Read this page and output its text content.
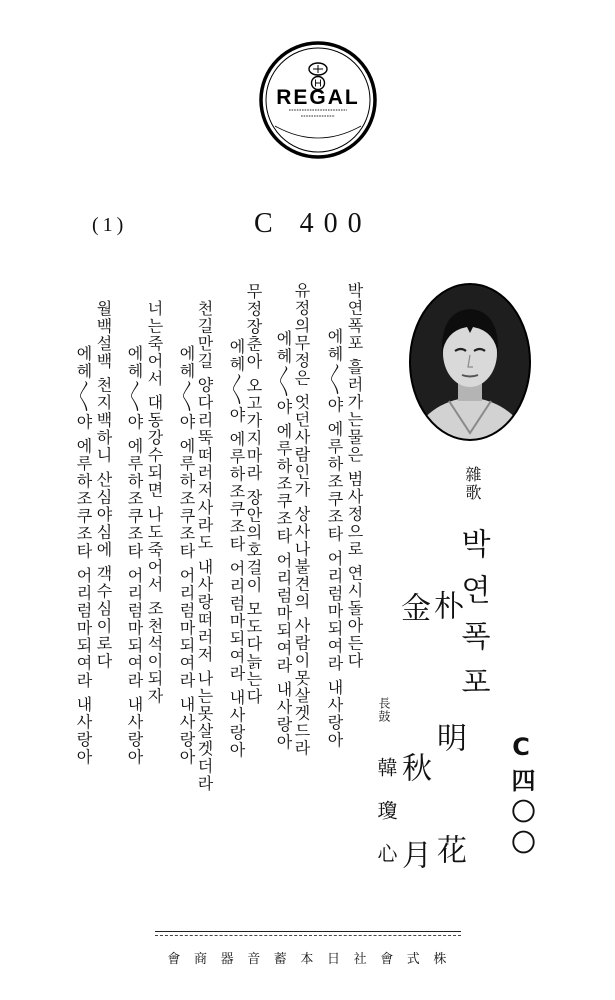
REGAL
(1)	C 400
박연폭포 흘러가는물은 범사정으로 연시돌아든다
에헤〳〵야 에루하조쿠조타 어리럼마되여라 내사랑아
유정의무정은 엇던사람인가 상사나불견의 사람이못살겟드라
에헤〳〵야 에루하조쿠조타 어리럼마되여라 내사랑아
무정장춘아 오고가지마라 장안의호걸이 모도다늙는다
에헤〳〵야 에루하조쿠조타 어리럼마되여라 내사랑아
천길만길 양다리뚝떠러저사라도 내사랑떠러저 나는못살겟더라
에헤〳〵야 에루하조쿠조타 어리럼마되여라 내사랑아
너는죽어서 대동강수되면 나도죽어서 조천석이되자
에헤〳〵야 에루하조쿠조타 어리럼마되여라 내사랑아
월백설백 천지백하니 산심야심에 객수심이로다
에헤〳〵야 에루하조쿠조타 어리럼마되여라 내사랑아	雜歌
박연폭포
朴
明花
金
秋月
長鼓
韓瓊心	C四〇〇
株式會社日本蓄音器商會
